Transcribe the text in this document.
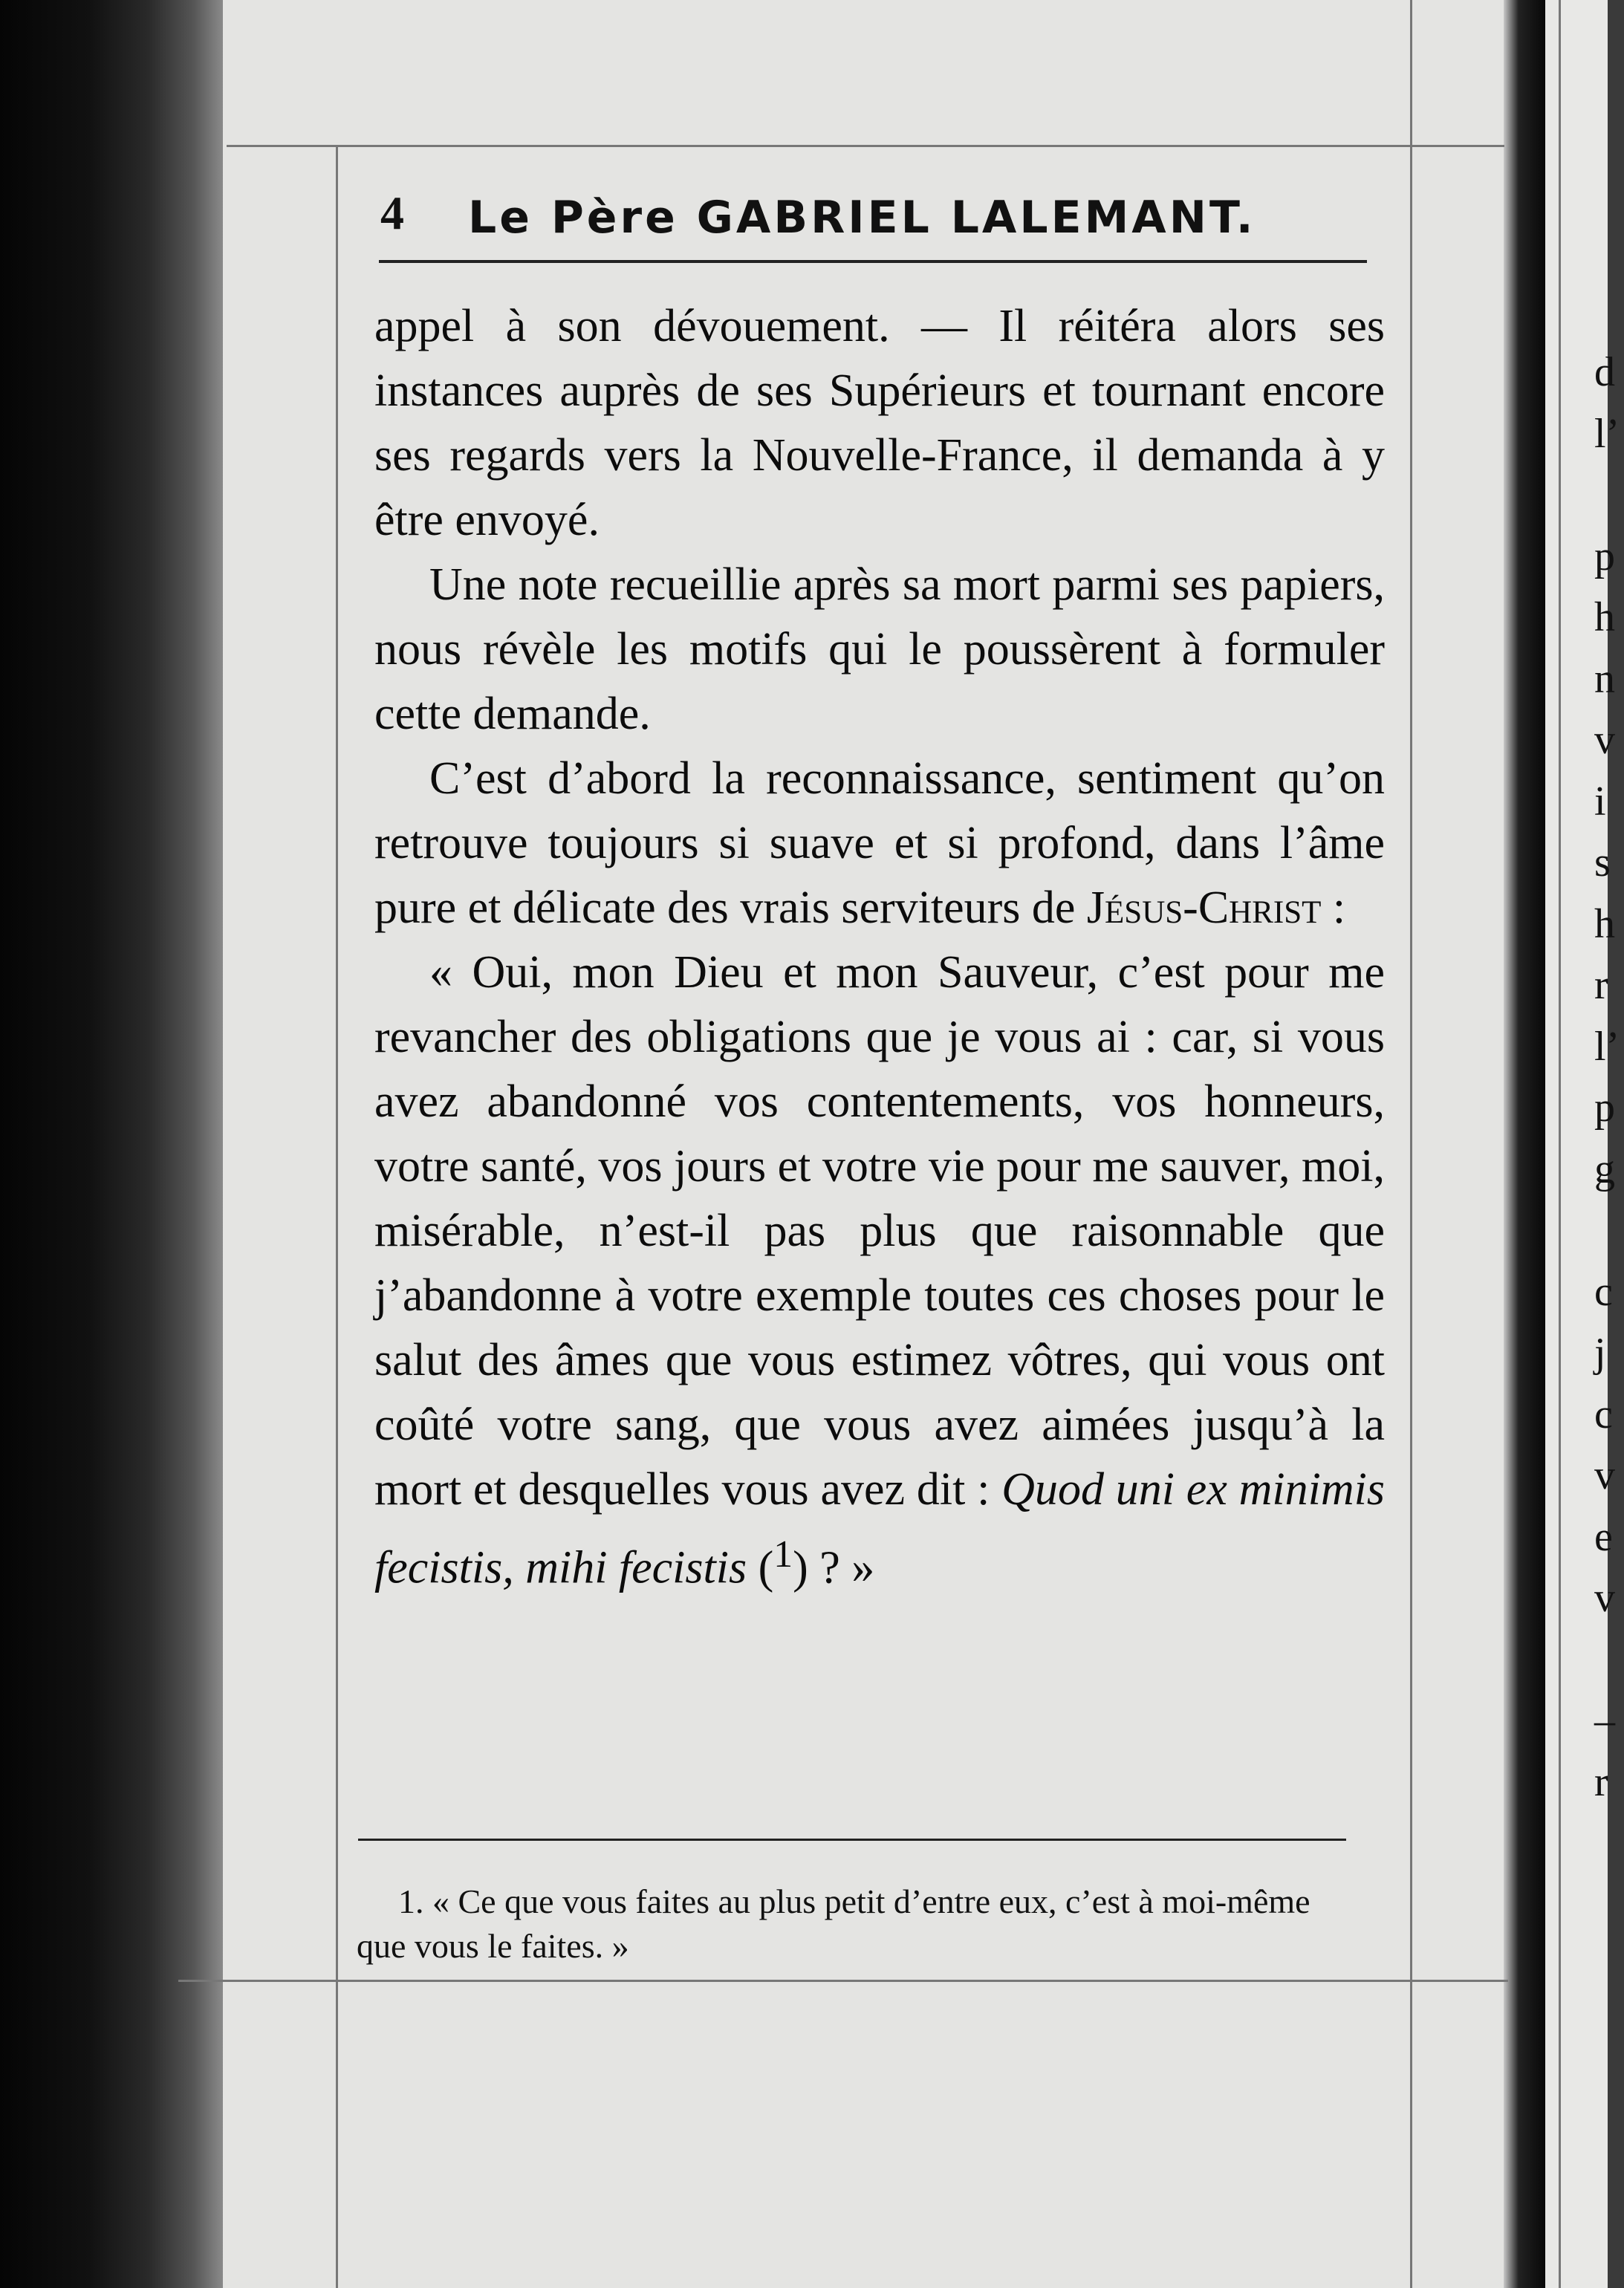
d
l’

p
h
n
v
i
s
h
r
l’
p
g

c
j
c
v
e
v

–
r
4 Le Père GABRIEL LALEMANT.

appel à son dévouement. — Il réitéra alors ses instances auprès de ses Supérieurs et tournant encore ses regards vers la Nouvelle-France, il demanda à y être envoyé.

Une note recueillie après sa mort parmi ses papiers, nous révèle les motifs qui le poussèrent à formuler cette demande.

C’est d’abord la reconnaissance, sentiment qu’on retrouve toujours si suave et si profond, dans l’âme pure et délicate des vrais serviteurs de Jésus-Christ :

« Oui, mon Dieu et mon Sauveur, c’est pour me revancher des obligations que je vous ai : car, si vous avez abandonné vos contentements, vos honneurs, votre santé, vos jours et votre vie pour me sauver, moi, misérable, n’est-il pas plus que raisonnable que j’abandonne à votre exemple toutes ces choses pour le salut des âmes que vous estimez vôtres, qui vous ont coûté votre sang, que vous avez aimées jusqu’à la mort et desquelles vous avez dit : Quod uni ex minimis fecistis, mihi fecistis ($^1$) ? »

1. « Ce que vous faites au plus petit d’entre eux, c’est à moi-même que vous le faites. »
